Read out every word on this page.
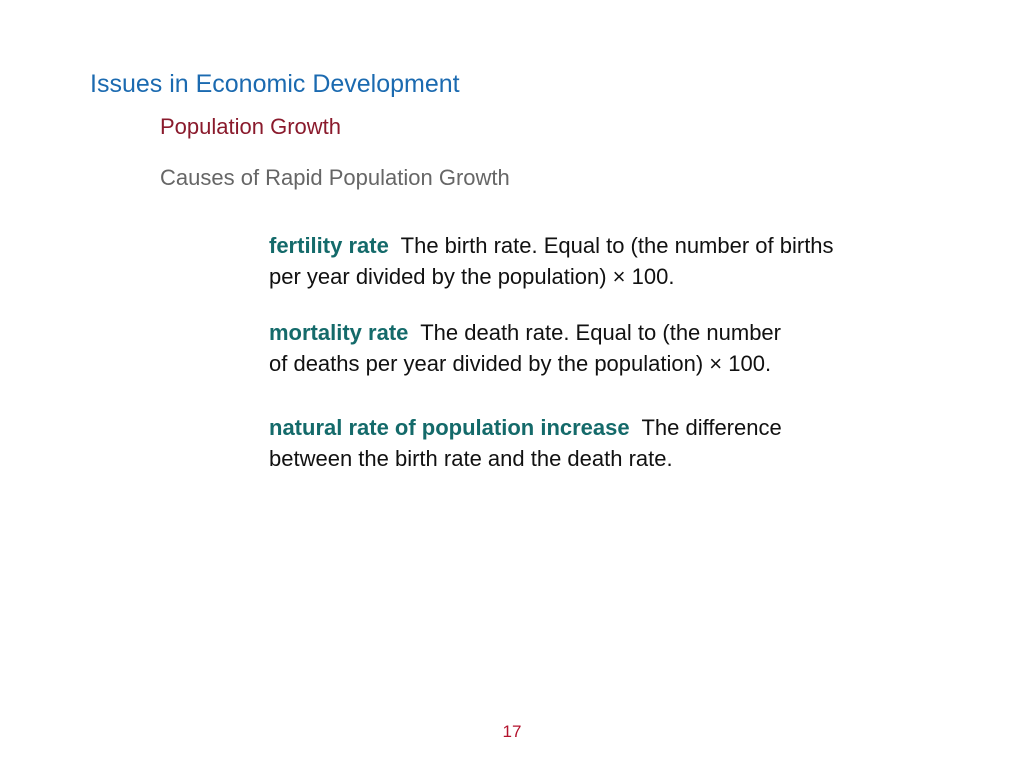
Issues in Economic Development
Population Growth
Causes of Rapid Population Growth

fertility rate The birth rate. Equal to (the number of births per year divided by the population) × 100.

mortality rate The death rate. Equal to (the number of deaths per year divided by the population) × 100.

natural rate of population increase The difference between the birth rate and the death rate.

17
